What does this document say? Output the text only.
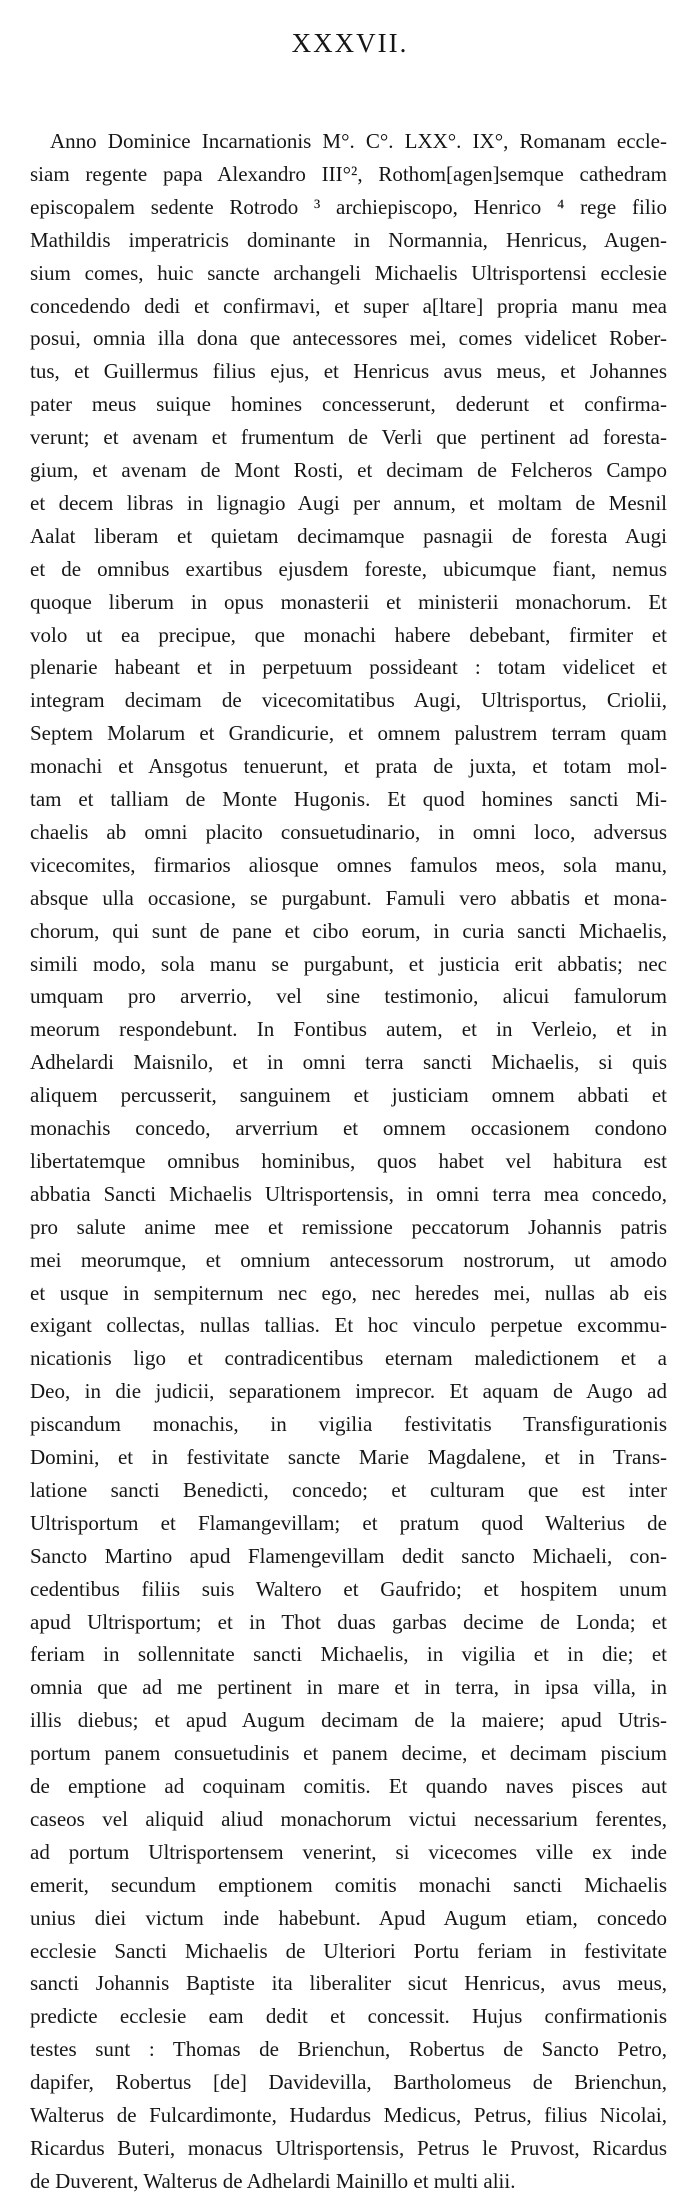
XXXVII.
Anno Dominice Incarnationis M°. C°. LXX°. IX°, Romanam eccle-
siam regente papa Alexandro III°², Rothom[agen]semque cathedram
episcopalem sedente Rotrodo ³ archiepiscopo, Henrico ⁴ rege filio
Mathildis imperatricis dominante in Normannia, Henricus, Augen-
sium comes, huic sancte archangeli Michaelis Ultrisportensi ecclesie
concedendo dedi et confirmavi, et super a[ltare] propria manu mea
posui, omnia illa dona que antecessores mei, comes videlicet Rober-
tus, et Guillermus filius ejus, et Henricus avus meus, et Johannes
pater meus suique homines concesserunt, dederunt et confirma-
verunt; et avenam et frumentum de Verli que pertinent ad foresta-
gium, et avenam de Mont Rosti, et decimam de Felcheros Campo
et decem libras in lignagio Augi per annum, et moltam de Mesnil
Aalat liberam et quietam decimamque pasnagii de foresta Augi
et de omnibus exartibus ejusdem foreste, ubicumque fiant, nemus
quoque liberum in opus monasterii et ministerii monachorum. Et
volo ut ea precipue, que monachi habere debebant, firmiter et
plenarie habeant et in perpetuum possideant : totam videlicet et
integram decimam de vicecomitatibus Augi, Ultrisportus, Criolii,
Septem Molarum et Grandicurie, et omnem palustrem terram quam
monachi et Ansgotus tenuerunt, et prata de juxta, et totam mol-
tam et talliam de Monte Hugonis. Et quod homines sancti Mi-
chaelis ab omni placito consuetudinario, in omni loco, adversus
vicecomites, firmarios aliosque omnes famulos meos, sola manu,
absque ulla occasione, se purgabunt. Famuli vero abbatis et mona-
chorum, qui sunt de pane et cibo eorum, in curia sancti Michaelis,
simili modo, sola manu se purgabunt, et justicia erit abbatis; nec
umquam pro arverrio, vel sine testimonio, alicui famulorum
meorum respondebunt. In Fontibus autem, et in Verleio, et in
Adhelardi Maisnilo, et in omni terra sancti Michaelis, si quis
aliquem percusserit, sanguinem et justiciam omnem abbati et
monachis concedo, arverrium et omnem occasionem condono
libertatemque omnibus hominibus, quos habet vel habitura est
abbatia Sancti Michaelis Ultrisportensis, in omni terra mea concedo,
pro salute anime mee et remissione peccatorum Johannis patris
mei meorumque, et omnium antecessorum nostrorum, ut amodo
et usque in sempiternum nec ego, nec heredes mei, nullas ab eis
exigant collectas, nullas tallias. Et hoc vinculo perpetue excommu-
nicationis ligo et contradicentibus eternam maledictionem et a
Deo, in die judicii, separationem imprecor. Et aquam de Augo ad
piscandum monachis, in vigilia festivitatis Transfigurationis
Domini, et in festivitate sancte Marie Magdalene, et in Trans-
latione sancti Benedicti, concedo; et culturam que est inter
Ultrisportum et Flamangevillam; et pratum quod Walterius de
Sancto Martino apud Flamengevillam dedit sancto Michaeli, con-
cedentibus filiis suis Waltero et Gaufrido; et hospitem unum
apud Ultrisportum; et in Thot duas garbas decime de Londa; et
feriam in sollennitate sancti Michaelis, in vigilia et in die; et
omnia que ad me pertinent in mare et in terra, in ipsa villa, in
illis diebus; et apud Augum decimam de la maiere; apud Utris-
portum panem consuetudinis et panem decime, et decimam piscium
de emptione ad coquinam comitis. Et quando naves pisces aut
caseos vel aliquid aliud monachorum victui necessarium ferentes,
ad portum Ultrisportensem venerint, si vicecomes ville ex inde
emerit, secundum emptionem comitis monachi sancti Michaelis
unius diei victum inde habebunt. Apud Augum etiam, concedo
ecclesie Sancti Michaelis de Ulteriori Portu feriam in festivitate
sancti Johannis Baptiste ita liberaliter sicut Henricus, avus meus,
predicte ecclesie eam dedit et concessit. Hujus confirmationis
testes sunt : Thomas de Brienchun, Robertus de Sancto Petro,
dapifer, Robertus [de] Davidevilla, Bartholomeus de Brienchun,
Walterus de Fulcardimonte, Hudardus Medicus, Petrus, filius Nicolai,
Ricardus Buteri, monacus Ultrisportensis, Petrus le Pruvost, Ricardus
de Duverent, Walterus de Adhelardi Mainillo et multi alii.
